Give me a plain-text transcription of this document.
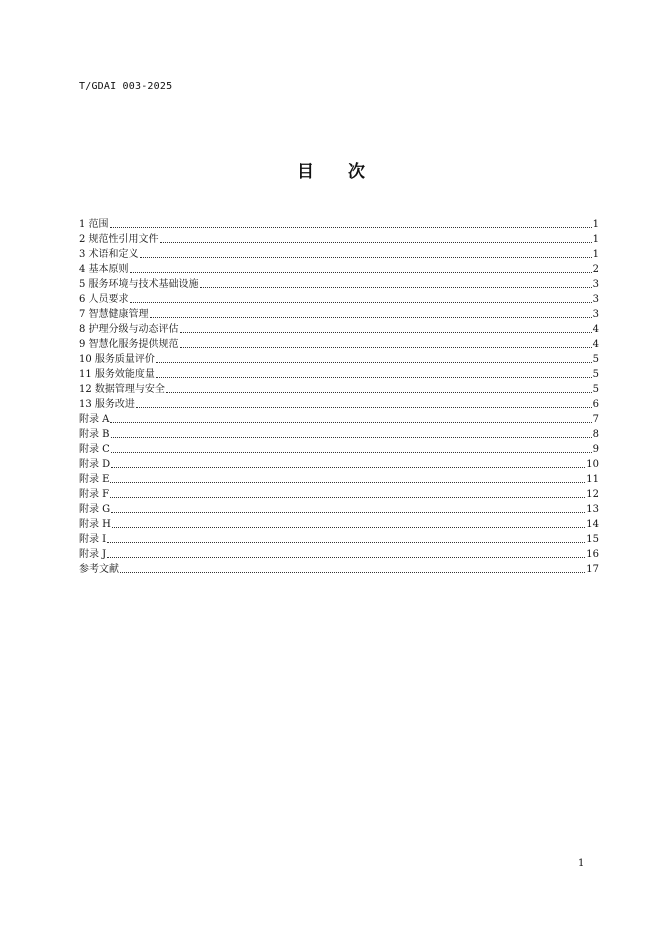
T/GDAI 003-2025
目 次
1 范围	1
2 规范性引用文件	1
3 术语和定义	1
4 基本原则	2
5 服务环境与技术基础设施	3
6 人员要求	3
7 智慧健康管理	3
8 护理分级与动态评估	4
9 智慧化服务提供规范	4
10 服务质量评价	5
11 服务效能度量	5
12 数据管理与安全	5
13 服务改进	6
附录 A	7
附录 B	8
附录 C	9
附录 D	10
附录 E	11
附录 F	12
附录 G	13
附录 H	14
附录 I	15
附录 J	16
参考文献	17
1
